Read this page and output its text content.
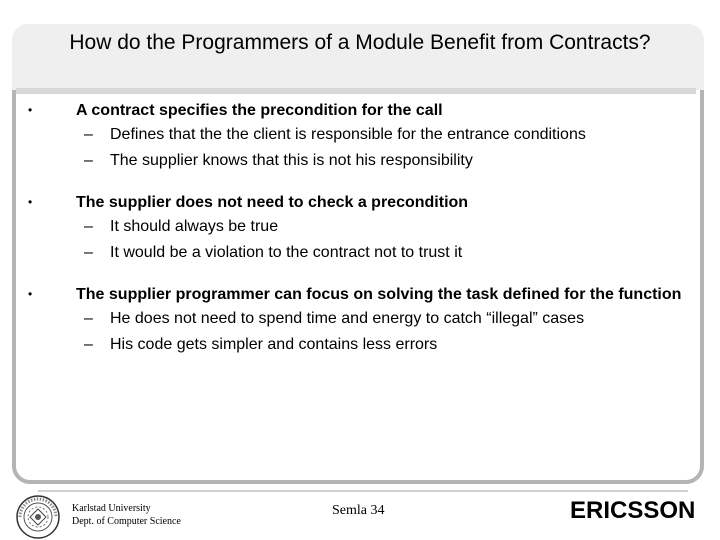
How do the Programmers of a Module Benefit from Contracts?
•	A contract specifies the precondition for the call

– Defines that the the client is responsible for the entrance conditions
– The supplier knows that this is not his responsibility
•	The supplier does not need to check a precondition

– It should always be true
– It would be a violation to the contract not to trust it
•	The supplier programmer can focus on solving the task defined for the function

– He does not need to spend time and energy to catch “illegal” cases
– His code gets simpler and contains less errors
Karlstad University
Dept. of Computer Science
Semla 34	ERICSSON
